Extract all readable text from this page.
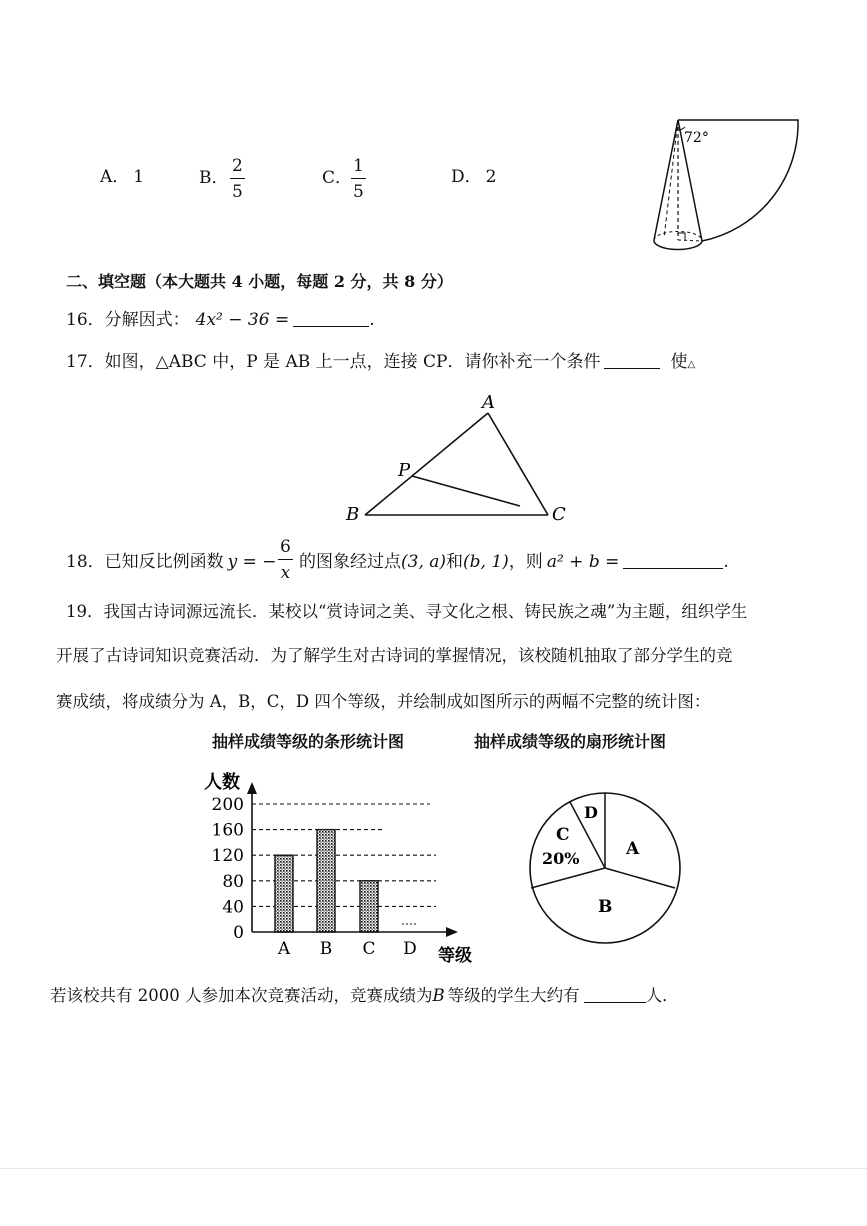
A． 1	B． $\frac{2}{5}$	C．
$\frac{1}{5}$	D． 2
72°
二、填空题（本大题共 4 小题，每题 2 分，共 8 分）
16．分解因式： 4x² − 36 =	.
17．如图，△ABC 中，P 是 AB 上一点，连接 CP．请你补充一个条件	使△
A
B	C
P
18．已知反比例函数 y = − $\frac{6}{x}$ 的图象经过点(3, a)和(b, 1)，则 a² + b =	.
19．我国古诗词源远流长．某校以“赏诗词之美、寻文化之根、铸民族之魂”为主题，组织学生
开展了古诗词知识竞赛活动．为了解学生对古诗词的掌握情况，该校随机抽取了部分学生的竞
赛成绩，将成绩分为 A，B，C，D 四个等级，并绘制成如图所示的两幅不完整的统计图：
抽样成绩等级的条形统计图	抽样成绩等级的扇形统计图
0
40
80
120
160
200
A B C D
人数
等级
A
B
C
20%
D
若该校共有 2000 人参加本次竞赛活动，竞赛成绩为B 等级的学生大约有	人．
